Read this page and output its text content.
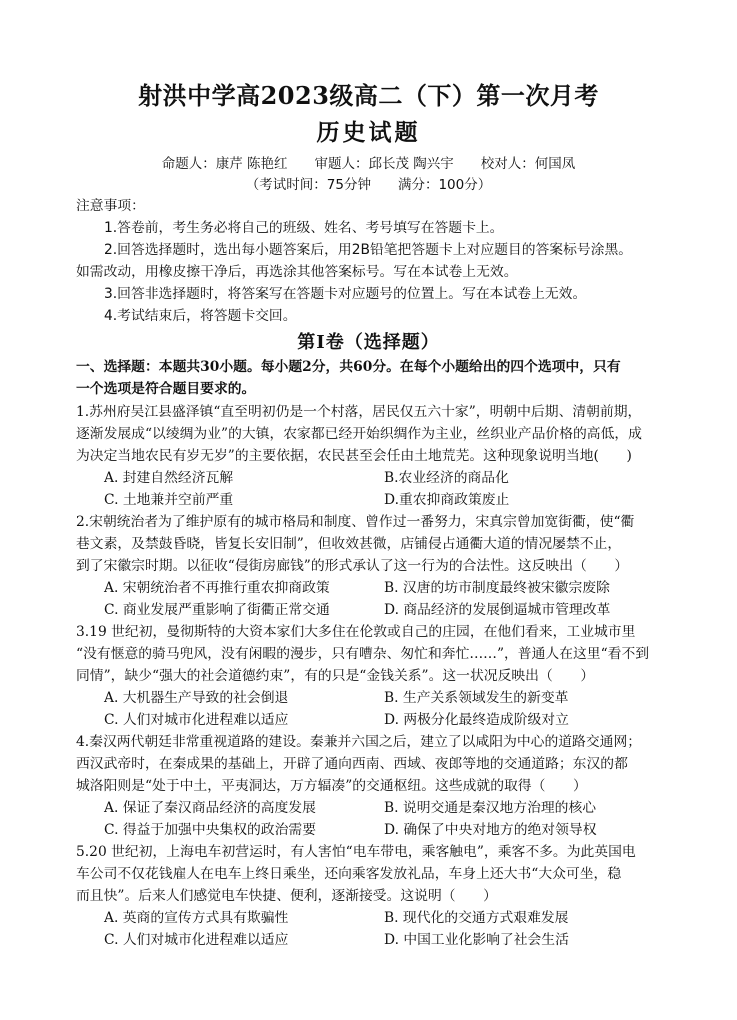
射洪中学高2023级高二（下）第一次月考
历史试题
命题人：康芹 陈艳红　　审题人：邱长茂 陶兴宇　　校对人：何国凤
（考试时间：75分钟　　满分：100分）
注意事项：
1.答卷前，考生务必将自己的班级、姓名、考号填写在答题卡上。
2.回答选择题时，选出每小题答案后，用2B铅笔把答题卡上对应题目的答案标号涂黑。
如需改动，用橡皮擦干净后，再选涂其他答案标号。写在本试卷上无效。
3.回答非选择题时，将答案写在答题卡对应题号的位置上。写在本试卷上无效。
4.考试结束后，将答题卡交回。
第I卷（选择题）
一、选择题：本题共30小题。每小题2分，共60分。在每个小题给出的四个选项中，只有
一个选项是符合题目要求的。
1.苏州府吴江县盛泽镇“直至明初仍是一个村落，居民仅五六十家”，明朝中后期、清朝前期，
逐渐发展成“以绫绸为业”的大镇，农家都已经开始织绸作为主业，丝织业产品价格的高低，成
为决定当地农民有岁无岁”的主要依据，农民甚至会任由土地荒芜。这种现象说明当地(　　)
A. 封建自然经济瓦解	B.农业经济的商品化
C. 土地兼并空前严重	D.重农抑商政策废止
2.宋朝统治者为了维护原有的城市格局和制度、曾作过一番努力，宋真宗曾加宽街衢，使“衢
巷文素，及禁鼓昏晓，皆复长安旧制”，但收效甚微，店铺侵占通衢大道的情况屡禁不止，
到了宋徽宗时期。以征收“侵街房廊钱”的形式承认了这一行为的合法性。这反映出（　　）
A. 宋朝统治者不再推行重农抑商政策	B. 汉唐的坊市制度最终被宋徽宗废除
C. 商业发展严重影响了街衢正常交通	D. 商品经济的发展倒逼城市管理改革
3.19 世纪初，曼彻斯特的大资本家们大多住在伦敦或自己的庄园，在他们看来，工业城市里
“没有惬意的骑马兜风，没有闲暇的漫步，只有嘈杂、匆忙和奔忙……”，普通人在这里“看不到
同情”，缺少“强大的社会道德约束”，有的只是“金钱关系”。这一状况反映出（　　）
A. 大机器生产导致的社会倒退	B. 生产关系领域发生的新变革
C. 人们对城市化进程难以适应	D. 两极分化最终造成阶级对立
4.秦汉两代朝廷非常重视道路的建设。秦兼并六国之后，建立了以咸阳为中心的道路交通网；
西汉武帝时，在秦成果的基础上，开辟了通向西南、西域、夜郎等地的交通道路；东汉的都
城洛阳则是“处于中土，平夷洞达，万方辐凑”的交通枢纽。这些成就的取得（　　）
A. 保证了秦汉商品经济的高度发展	B. 说明交通是秦汉地方治理的核心
C. 得益于加强中央集权的政治需要	D. 确保了中央对地方的绝对领导权
5.20 世纪初，上海电车初营运时，有人害怕“电车带电，乘客触电”，乘客不多。为此英国电
车公司不仅花钱雇人在电车上终日乘坐，还向乘客发放礼品，车身上还大书“大众可坐，稳
而且快”。后来人们感觉电车快捷、便利，逐渐接受。这说明（　　）
A. 英商的宣传方式具有欺骗性	B. 现代化的交通方式艰难发展
C. 人们对城市化进程难以适应	D. 中国工业化影响了社会生活
